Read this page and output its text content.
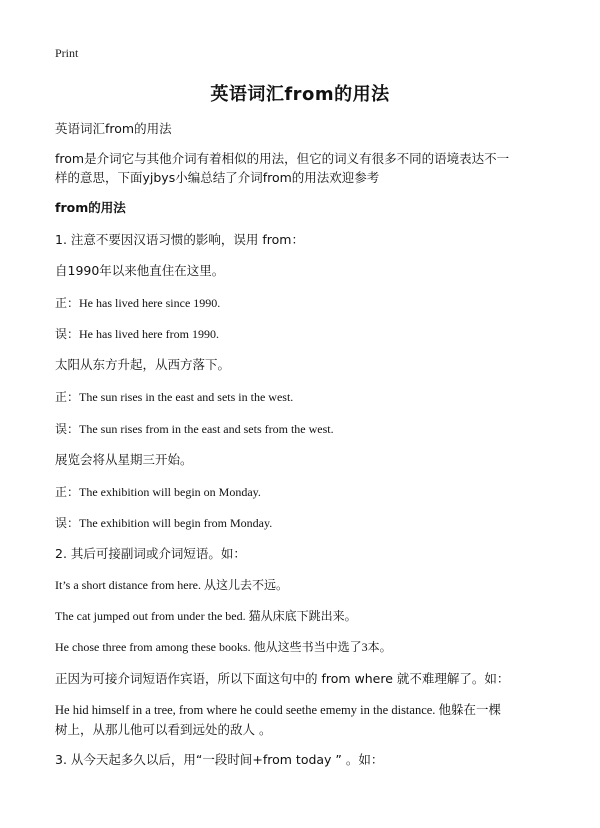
Print
英语词汇from的用法
英语词汇from的用法
from是介词它与其他介词有着相似的用法，但它的词义有很多不同的语境表达不一
样的意思，下面yjbys小编总结了介词from的用法欢迎参考
from的用法
1. 注意不要因汉语习惯的影响，误用 from：
自1990年以来他直住在这里。
正：He has lived here since 1990.
误：He has lived here from 1990.
太阳从东方升起，从西方落下。
正：The sun rises in the east and sets in the west.
误：The sun rises from in the east and sets from the west.
展览会将从星期三开始。
正：The exhibition will begin on Monday.
误：The exhibition will begin from Monday.
2. 其后可接副词或介词短语。如：
It’s a short distance from here. 从这儿去不远。
The cat jumped out from under the bed. 猫从床底下跳出来。
He chose three from among these books. 他从这些书当中选了3本。
正因为可接介词短语作宾语，所以下面这句中的 from where 就不难理解了。如：
He hid himself in a tree, from where he could seethe ememy in the distance. 他躲在一棵
树上，从那儿他可以看到远处的敌人 。
3. 从今天起多久以后，用“一段时间+from today ” 。如：
